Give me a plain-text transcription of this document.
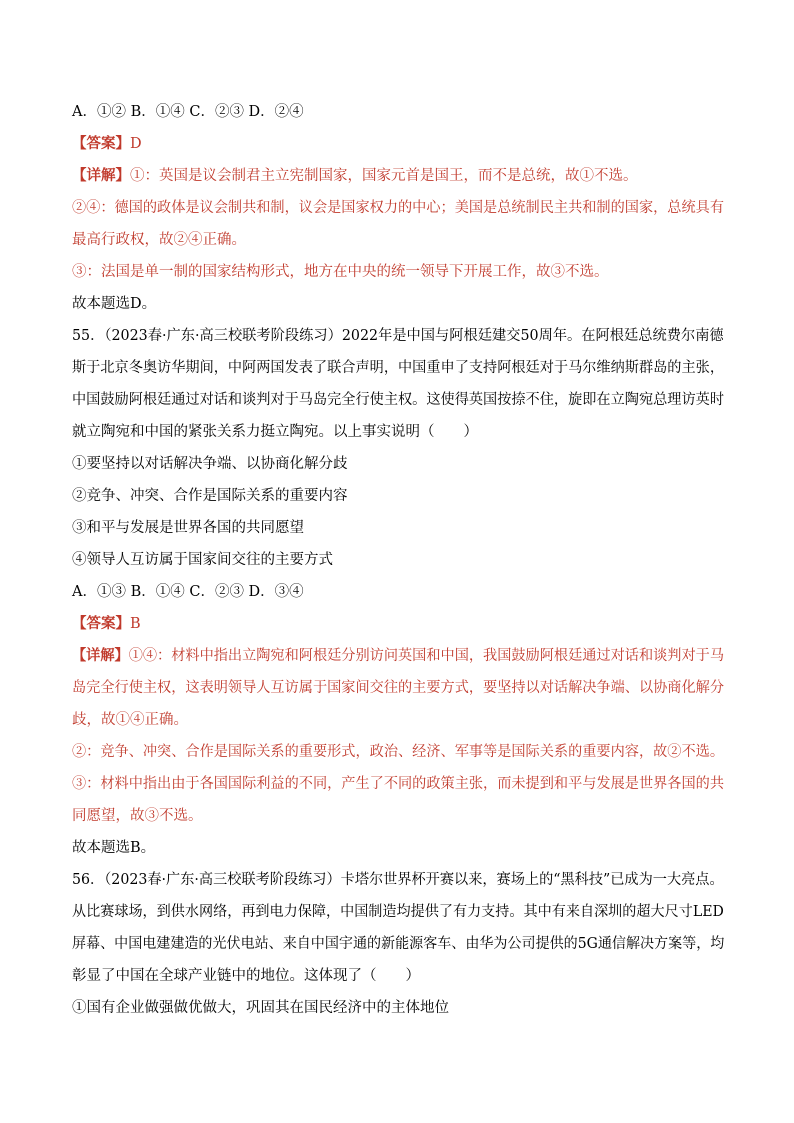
A．①② B．①④ C．②③ D．②④
【答案】D
【详解】①：英国是议会制君主立宪制国家，国家元首是国王，而不是总统，故①不选。
②④：德国的政体是议会制共和制，议会是国家权力的中心；美国是总统制民主共和制的国家，总统具有
最高行政权，故②④正确。
③：法国是单一制的国家结构形式，地方在中央的统一领导下开展工作，故③不选。
故本题选D。
55．（2023春·广东·高三校联考阶段练习）2022年是中国与阿根廷建交50周年。在阿根廷总统费尔南德
斯于北京冬奥访华期间，中阿两国发表了联合声明，中国重申了支持阿根廷对于马尔维纳斯群岛的主张，
中国鼓励阿根廷通过对话和谈判对于马岛完全行使主权。这使得英国按捺不住，旋即在立陶宛总理访英时
就立陶宛和中国的紧张关系力挺立陶宛。以上事实说明（　　）
①要坚持以对话解决争端、以协商化解分歧
②竞争、冲突、合作是国际关系的重要内容
③和平与发展是世界各国的共同愿望
④领导人互访属于国家间交往的主要方式
A．①③ B．①④ C．②③ D．③④
【答案】B
【详解】①④：材料中指出立陶宛和阿根廷分别访问英国和中国，我国鼓励阿根廷通过对话和谈判对于马
岛完全行使主权，这表明领导人互访属于国家间交往的主要方式，要坚持以对话解决争端、以协商化解分
歧，故①④正确。
②：竞争、冲突、合作是国际关系的重要形式，政治、经济、军事等是国际关系的重要内容，故②不选。
③：材料中指出由于各国国际利益的不同，产生了不同的政策主张，而未提到和平与发展是世界各国的共
同愿望，故③不选。
故本题选B。
56．（2023春·广东·高三校联考阶段练习）卡塔尔世界杯开赛以来，赛场上的“黑科技”已成为一大亮点。
从比赛球场，到供水网络，再到电力保障，中国制造均提供了有力支持。其中有来自深圳的超大尺寸LED
屏幕、中国电建建造的光伏电站、来自中国宇通的新能源客车、由华为公司提供的5G通信解决方案等，均
彰显了中国在全球产业链中的地位。这体现了（　　）
①国有企业做强做优做大，巩固其在国民经济中的主体地位
